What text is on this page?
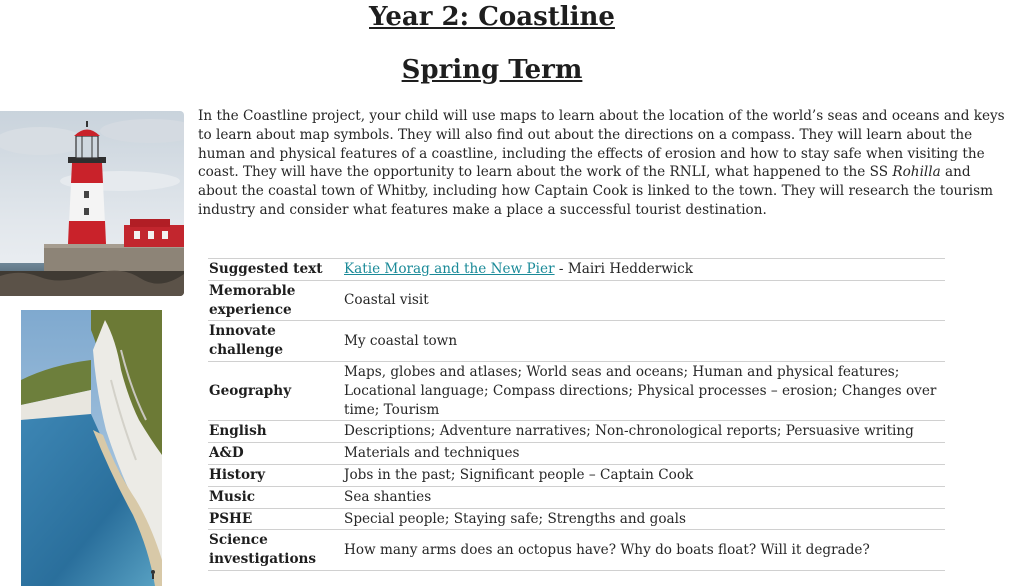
Year 2: Coastline
Spring Term

In the Coastline project, your child will use maps to learn about the location of the world’s seas and oceans and keys to learn about map symbols. They will also find out about the directions on a compass. They will learn about the human and physical features of a coastline, including the effects of erosion and how to stay safe when visiting the coast. They will have the opportunity to learn about the work of the RNLI, what happened to the SS Rohilla and about the coastal town of Whitby, including how Captain Cook is linked to the town. They will research the tourism industry and consider what features make a place a successful tourist destination.

Suggested text	Katie Morag and the New Pier - Mairi Hedderwick
Memorable experience	Coastal visit
Innovate challenge	My coastal town
Geography	Maps, globes and atlases; World seas and oceans; Human and physical features; Locational language; Compass directions; Physical processes – erosion; Changes over time; Tourism
English	Descriptions; Adventure narratives; Non-chronological reports; Persuasive writing
A&D	Materials and techniques
History	Jobs in the past; Significant people – Captain Cook
Music	Sea shanties
PSHE	Special people; Staying safe; Strengths and goals
Science investigations	How many arms does an octopus have? Why do boats float? Will it degrade?
